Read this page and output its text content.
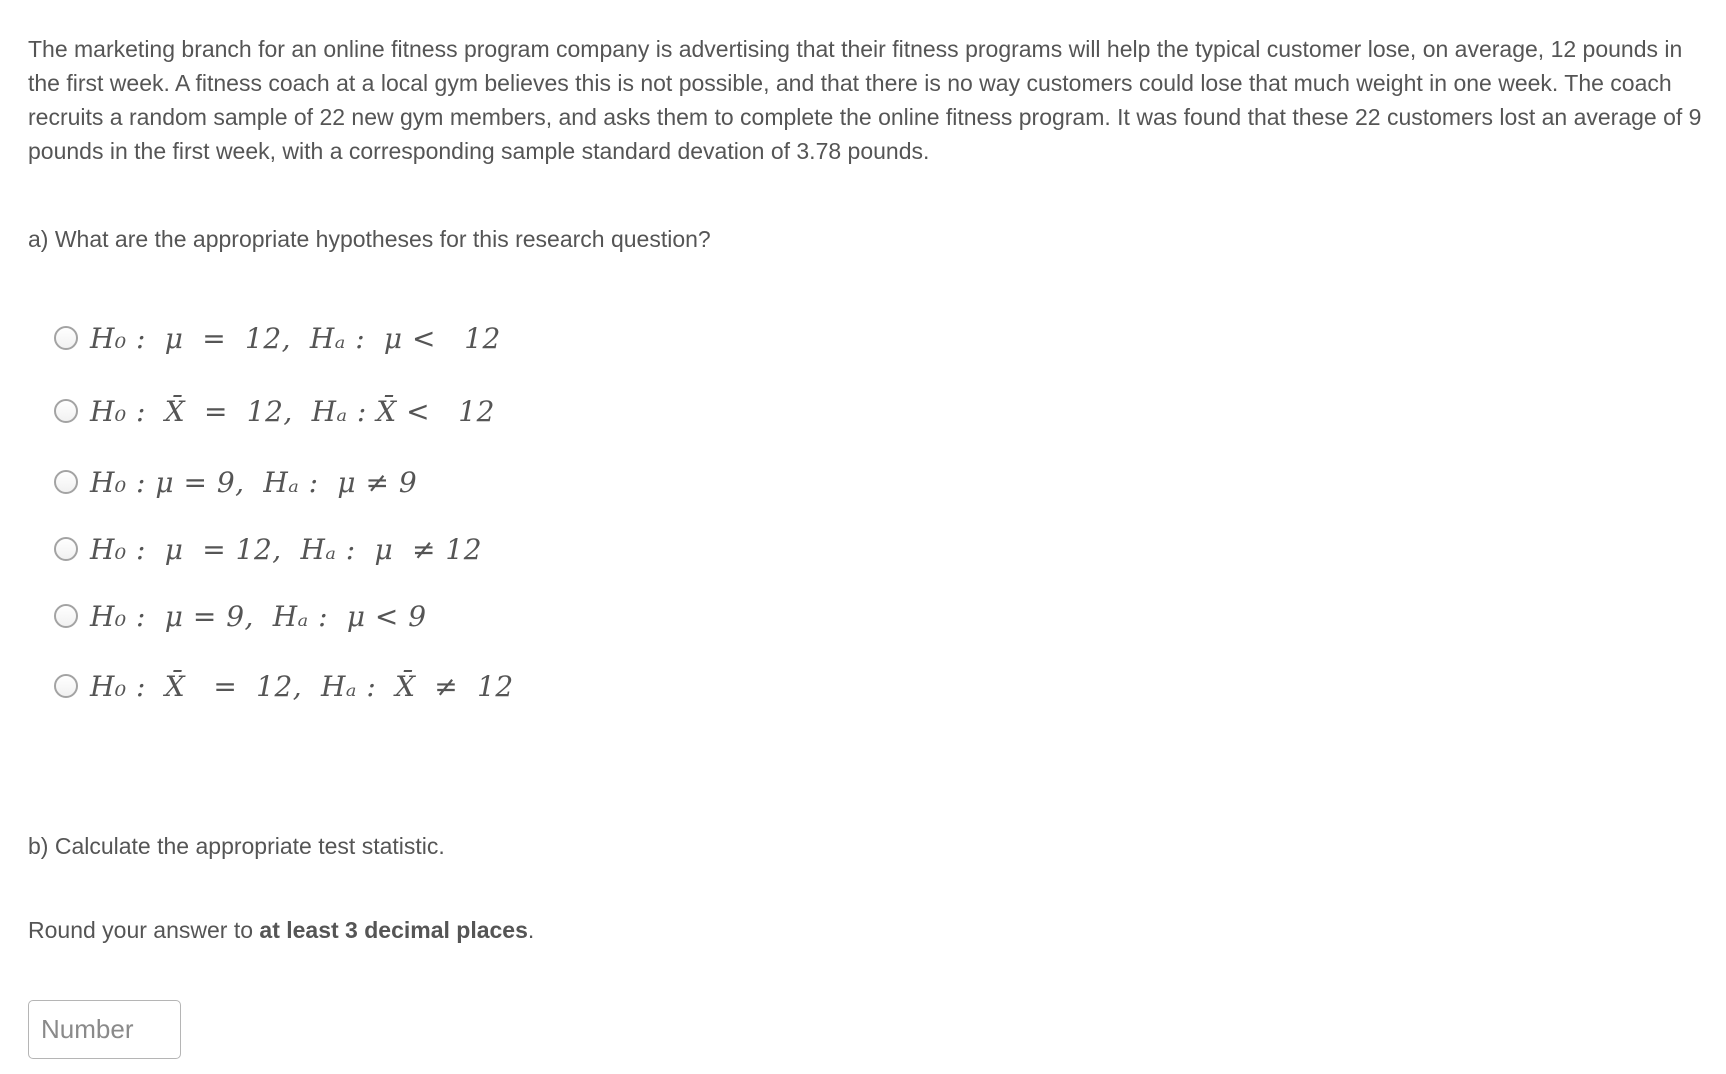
The marketing branch for an online fitness program company is advertising that their fitness programs will help the typical customer lose, on average, 12 pounds in the first week. A fitness coach at a local gym believes this is not possible, and that there is no way customers could lose that much weight in one week. The coach recruits a random sample of 22 new gym members, and asks them to complete the online fitness program. It was found that these 22 customers lost an average of 9 pounds in the first week, with a corresponding sample standard devation of 3.78 pounds.

a) What are the appropriate hypotheses for this research question?

H₀ :  μ  =  12,  Hₐ :  μ <   12
H₀ :  X̄  =  12,  Hₐ : X̄ <   12
H₀ : μ = 9,  Hₐ :  μ ≠ 9
H₀ :  μ  = 12,  Hₐ :  μ  ≠ 12
H₀ :  μ = 9,  Hₐ :  μ < 9
H₀ :  X̄   =  12,  Hₐ :  X̄  ≠  12

b) Calculate the appropriate test statistic.

Round your answer to at least 3 decimal places.

Number
